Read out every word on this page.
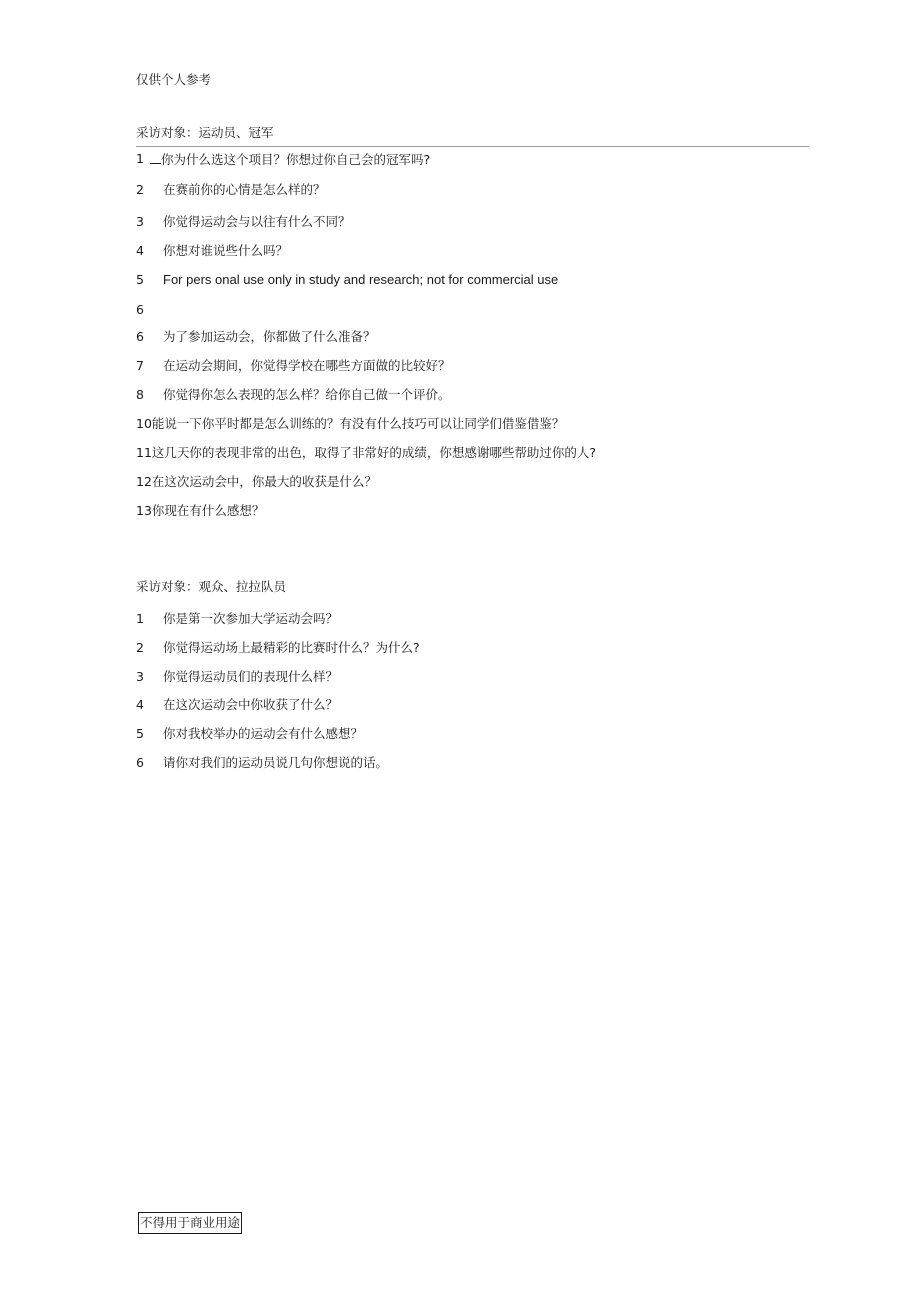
仅供个人参考
采访对象：运动员、冠军
1	你为什么选这个项目？你想过你自己会的冠军吗?
2 在赛前你的心情是怎么样的？
3 你觉得运动会与以往有什么不同？
4 你想对谁说些什么吗？
5 For pers onal use only in study and research; not for commercial use
6
6 为了参加运动会，你都做了什么准备？
7 在运动会期间，你觉得学校在哪些方面做的比较好？
8 你觉得你怎么表现的怎么样？给你自己做一个评价。
10能说一下你平时都是怎么训练的？有没有什么技巧可以让同学们借鉴借鉴？
11这几天你的表现非常的出色，取得了非常好的成绩，你想感谢哪些帮助过你的人?
12在这次运动会中，你最大的收获是什么？
13你现在有什么感想？
采访对象：观众、拉拉队员
1 你是第一次参加大学运动会吗？
2 你觉得运动场上最精彩的比赛时什么？为什么?
3 你觉得运动员们的表现什么样？
4 在这次运动会中你收获了什么？
5 你对我校举办的运动会有什么感想？
6 请你对我们的运动员说几句你想说的话。
不得用于商业用途
